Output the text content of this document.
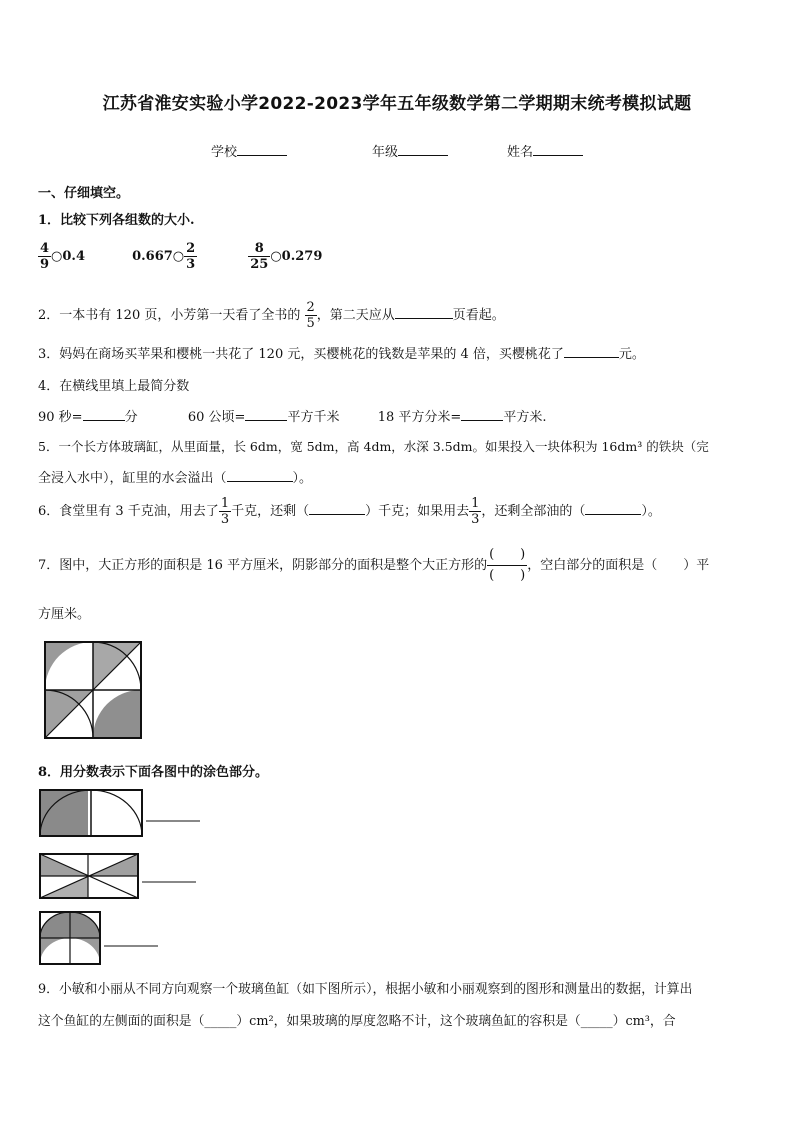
江苏省淮安实验小学2022-2023学年五年级数学第二学期期末统考模拟试题
学校	年级	姓名
一、仔细填空。
1．比较下列各组数的大小.
$\frac{4}{9}$ ○0.4	0.667○ $\frac{2}{3}$
	$\frac{8}{25}$ ○0.279
2．一本书有 120 页，小芳第一天看了全书的 $\frac{2}{5}$ ，第二天应从	页看起。
3．妈妈在商场买苹果和樱桃一共花了 120 元，买樱桃花的钱数是苹果的 4 倍，买樱桃花了	元。
4．在横线里填上最简分数
90 秒=	分	60 公顷=	平方千米	18 平方分米=	平方米.
5．一个长方体玻璃缸，从里面量，长 6dm，宽 5dm，高 4dm，水深 3.5dm。如果投入一块体积为 16dm³ 的铁块（完
全浸入水中），缸里的水会溢出（	）。
6．食堂里有 3 千克油，用去了 $\frac{1}{3}$ 千克，还剩（	）千克；如果用去 $\frac{1}{3}$ ，还剩全部油的（	）。
7．图中，大正方形的面积是 16 平方厘米，阴影部分的面积是整个大正方形的 $\frac{( )}{( )}$ ，空白部分的面积是（　　）平
方厘米。
8．用分数表示下面各图中的涂色部分。
9．小敏和小丽从不同方向观察一个玻璃鱼缸（如下图所示），根据小敏和小丽观察到的图形和测量出的数据，计算出
这个鱼缸的左侧面的面积是（_____）cm²，如果玻璃的厚度忽略不计，这个玻璃鱼缸的容积是（_____）cm³，合
